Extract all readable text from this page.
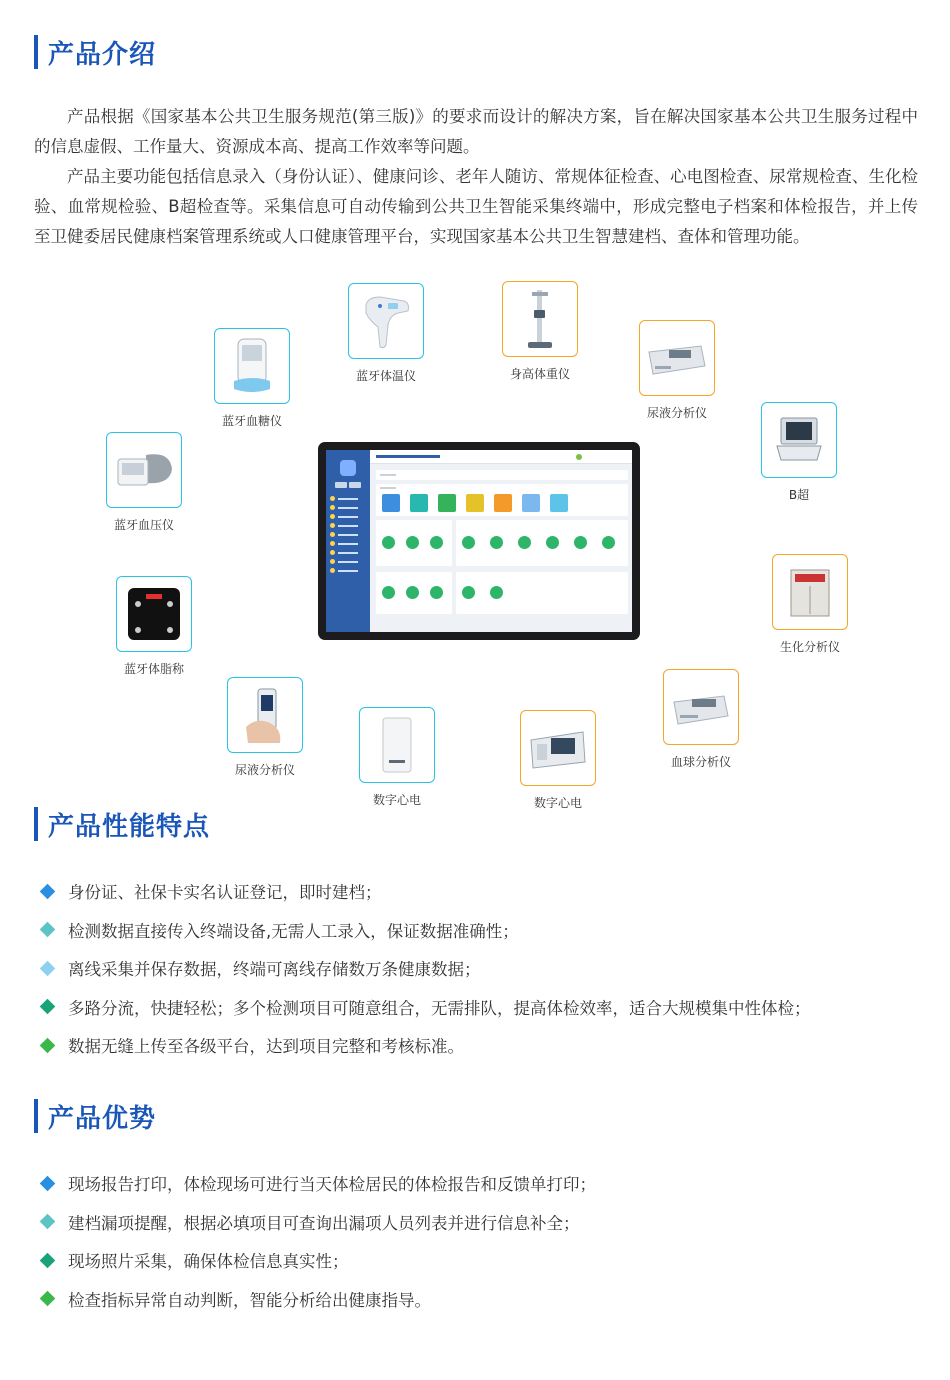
产品介绍

产品根据《国家基本公共卫生服务规范(第三版)》的要求而设计的解决方案，旨在解决国家基本公共卫生服务过程中的信息虚假、工作量大、资源成本高、提高工作效率等问题。

产品主要功能包括信息录入（身份认证）、健康问诊、老年人随访、常规体征检查、心电图检查、尿常规检查、生化检验、血常规检验、B超检查等。采集信息可自动传输到公共卫生智能采集终端中，形成完整电子档案和体检报告，并上传至卫健委居民健康档案管理系统或人口健康管理平台，实现国家基本公共卫生智慧建档、查体和管理功能。

蓝牙体温仪	身高体重仪
尿液分析仪
B超
生化分析仪
血球分析仪
数字心电
数字心电
尿液分析仪
蓝牙体脂称
蓝牙血压仪
蓝牙血糖仪
产品性能特点
身份证、社保卡实名认证登记，即时建档；
检测数据直接传入终端设备,无需人工录入，保证数据准确性；
离线采集并保存数据，终端可离线存储数万条健康数据；
多路分流，快捷轻松；多个检测项目可随意组合，无需排队，提高体检效率，适合大规模集中性体检；
数据无缝上传至各级平台，达到项目完整和考核标准。
产品优势
现场报告打印，体检现场可进行当天体检居民的体检报告和反馈单打印；
建档漏项提醒，根据必填项目可查询出漏项人员列表并进行信息补全；
现场照片采集，确保体检信息真实性；
检查指标异常自动判断，智能分析给出健康指导。
